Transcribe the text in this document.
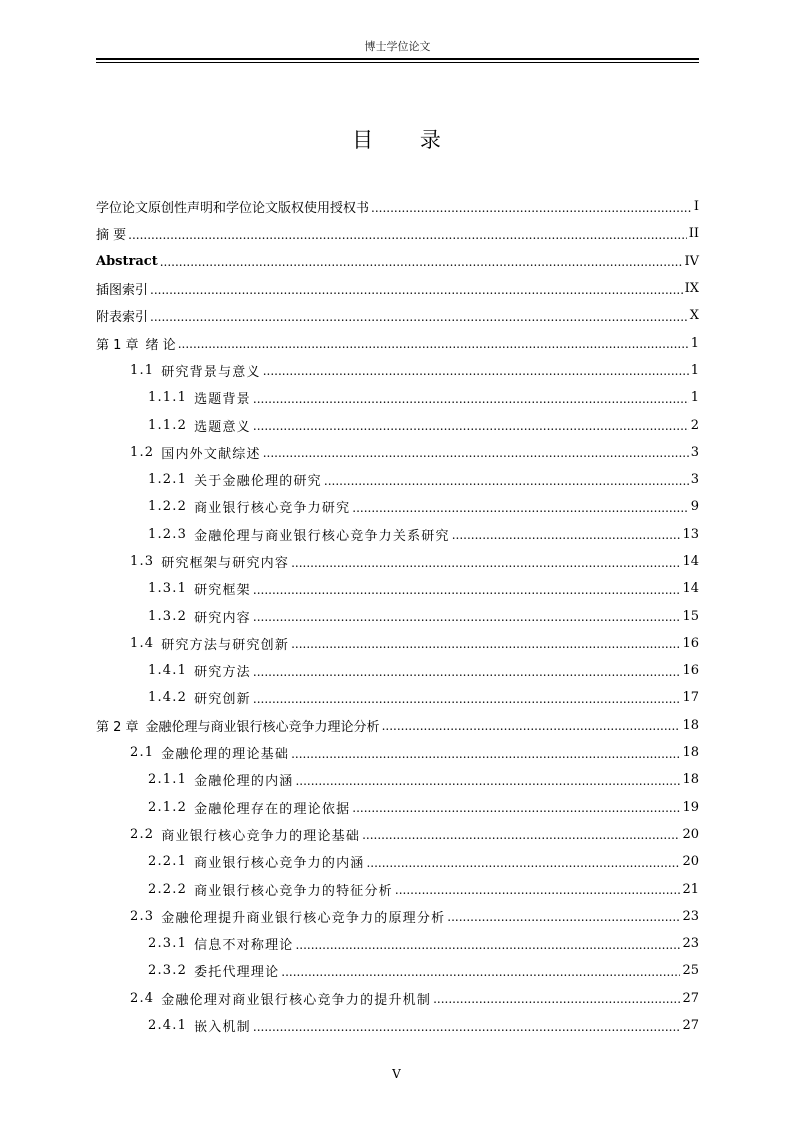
博士学位论文
目 录
学位论文原创性声明和学位论文版权使用授权书 .....	I
摘 要 .....	II
Abstract .....	IV
插图索引 .....	IX
附表索引 .....	X
第 1 章 绪 论 .....	1
1.1 研究背景与意义 .....	1
1.1.1 选题背景 .....	1
1.1.2 选题意义 .....	2
1.2 国内外文献综述 .....	3
1.2.1 关于金融伦理的研究 .....	3
1.2.2 商业银行核心竞争力研究 .....	9
1.2.3 金融伦理与商业银行核心竞争力关系研究 .....	13
1.3 研究框架与研究内容 .....	14
1.3.1 研究框架 .....	14
1.3.2 研究内容 .....	15
1.4 研究方法与研究创新 .....	16
1.4.1 研究方法 .....	16
1.4.2 研究创新 .....	17
第 2 章 金融伦理与商业银行核心竞争力理论分析 .....	18
2.1 金融伦理的理论基础 .....	18
2.1.1 金融伦理的内涵 .....	18
2.1.2 金融伦理存在的理论依据 .....	19
2.2 商业银行核心竞争力的理论基础 .....	20
2.2.1 商业银行核心竞争力的内涵 .....	20
2.2.2 商业银行核心竞争力的特征分析 .....	21
2.3 金融伦理提升商业银行核心竞争力的原理分析 .....	23
2.3.1 信息不对称理论 .....	23
2.3.2 委托代理理论 .....	25
2.4 金融伦理对商业银行核心竞争力的提升机制 .....	27
2.4.1 嵌入机制 .....	27
V
